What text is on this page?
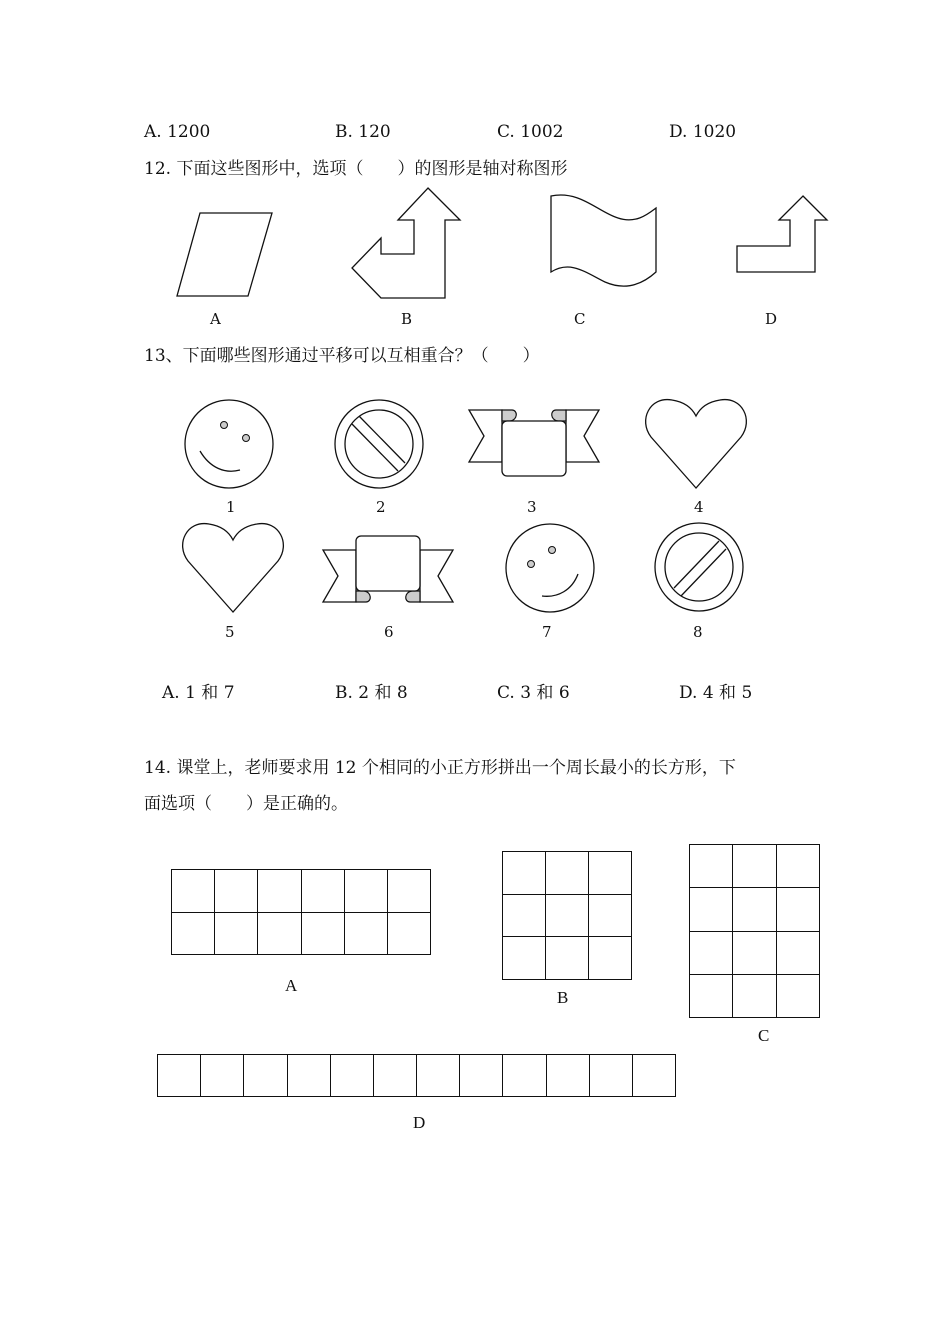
A. 1200	B. 120	C. 1002	D. 1020
12. 下面这些图形中，选项（　　）的图形是轴对称图形
A	B	C	D
13、下面哪些图形通过平移可以互相重合？（　　）
1	2	3	4
5	6	7	8
A. 1 和 7	B. 2 和 8	C. 3 和 6	D. 4 和 5
14. 课堂上，老师要求用 12 个相同的小正方形拼出一个周长最小的长方形，下
面选项（　　）是正确的。
A
B
C
D
